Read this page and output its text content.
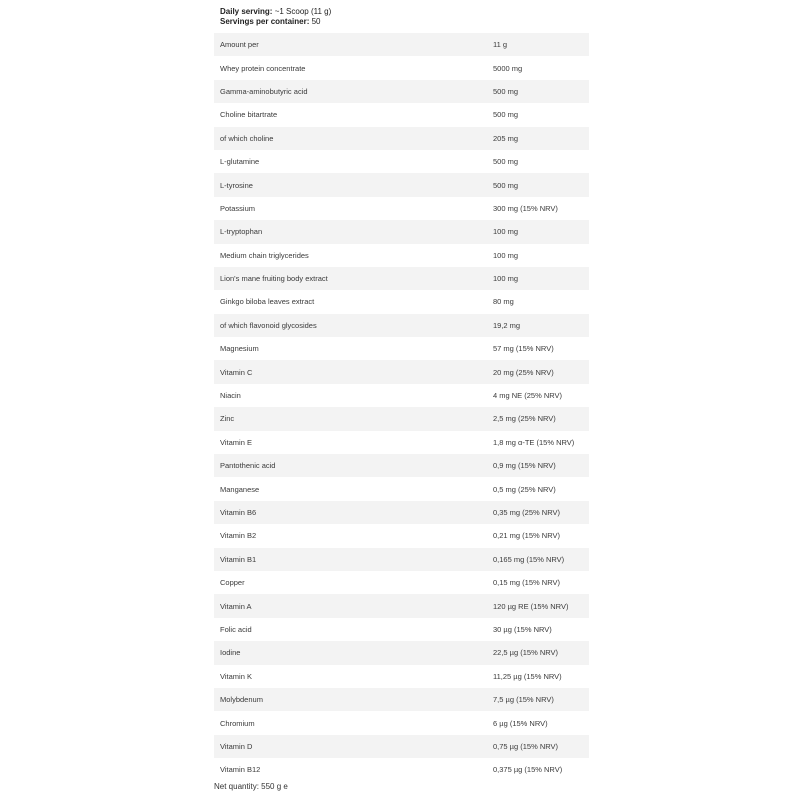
Daily serving: ~1 Scoop (11 g)
Servings per container: 50
Amount per	11 g
Whey protein concentrate	5000 mg
Gamma-aminobutyric acid	500 mg
Choline bitartrate	500 mg
of which choline	205 mg
L-glutamine	500 mg
L-tyrosine	500 mg
Potassium	300 mg (15% NRV)
L-tryptophan	100 mg
Medium chain triglycerides	100 mg
Lion's mane fruiting body extract	100 mg
Ginkgo biloba leaves extract	80 mg
of which flavonoid glycosides	19,2 mg
Magnesium	57 mg (15% NRV)
Vitamin C	20 mg (25% NRV)
Niacin	4 mg NE (25% NRV)
Zinc	2,5 mg (25% NRV)
Vitamin E	1,8 mg α-TE (15% NRV)
Pantothenic acid	0,9 mg (15% NRV)
Manganese	0,5 mg (25% NRV)
Vitamin B6	0,35 mg (25% NRV)
Vitamin B2	0,21 mg (15% NRV)
Vitamin B1	0,165 mg (15% NRV)
Copper	0,15 mg (15% NRV)
Vitamin A	120 µg RE (15% NRV)
Folic acid	30 µg (15% NRV)
Iodine	22,5 µg (15% NRV)
Vitamin K	11,25 µg (15% NRV)
Molybdenum	7,5 µg (15% NRV)
Chromium	6 µg (15% NRV)
Vitamin D	0,75 µg (15% NRV)
Vitamin B12	0,375 µg (15% NRV)
Net quantity: 550 g e
